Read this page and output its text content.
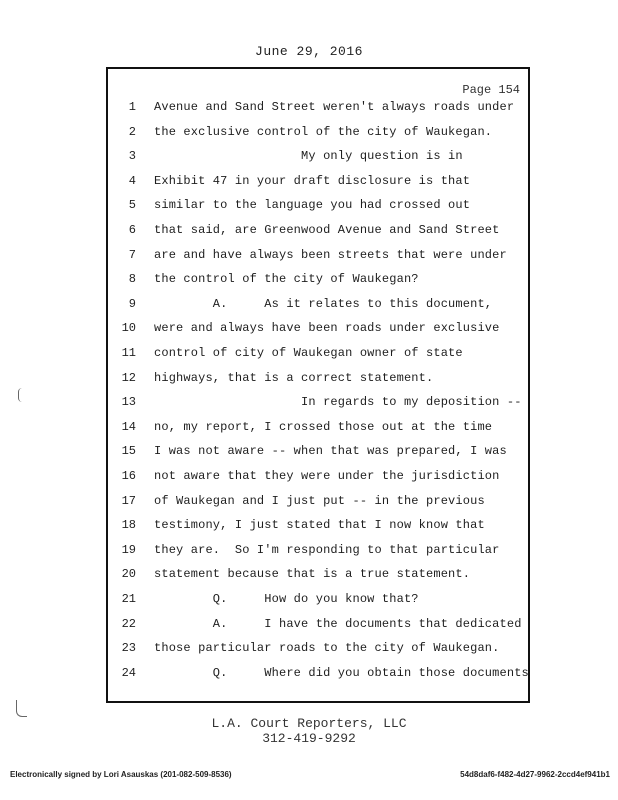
June 29, 2016
Page 154
1 Avenue and Sand Street weren't always roads under
2 the exclusive control of the city of Waukegan.
3 My only question is in
4 Exhibit 47 in your draft disclosure is that
5 similar to the language you had crossed out
6 that said, are Greenwood Avenue and Sand Street
7 are and have always been streets that were under
8 the control of the city of Waukegan?
9 A.     As it relates to this document,
10 were and always have been roads under exclusive
11 control of city of Waukegan owner of state
12 highways, that is a correct statement.
13 In regards to my deposition --
14 no, my report, I crossed those out at the time
15 I was not aware -- when that was prepared, I was
16 not aware that they were under the jurisdiction
17 of Waukegan and I just put -- in the previous
18 testimony, I just stated that I now know that
19 they are.  So I'm responding to that particular
20 statement because that is a true statement.
21 Q.     How do you know that?
22 A.     I have the documents that dedicated
23 those particular roads to the city of Waukegan.
24 Q.     Where did you obtain those documents
L.A. Court Reporters, LLC
312-419-9292
Electronically signed by Lori Asauskas (201-082-509-8536)	54d8daf6-f482-4d27-9962-2ccd4ef941b1
